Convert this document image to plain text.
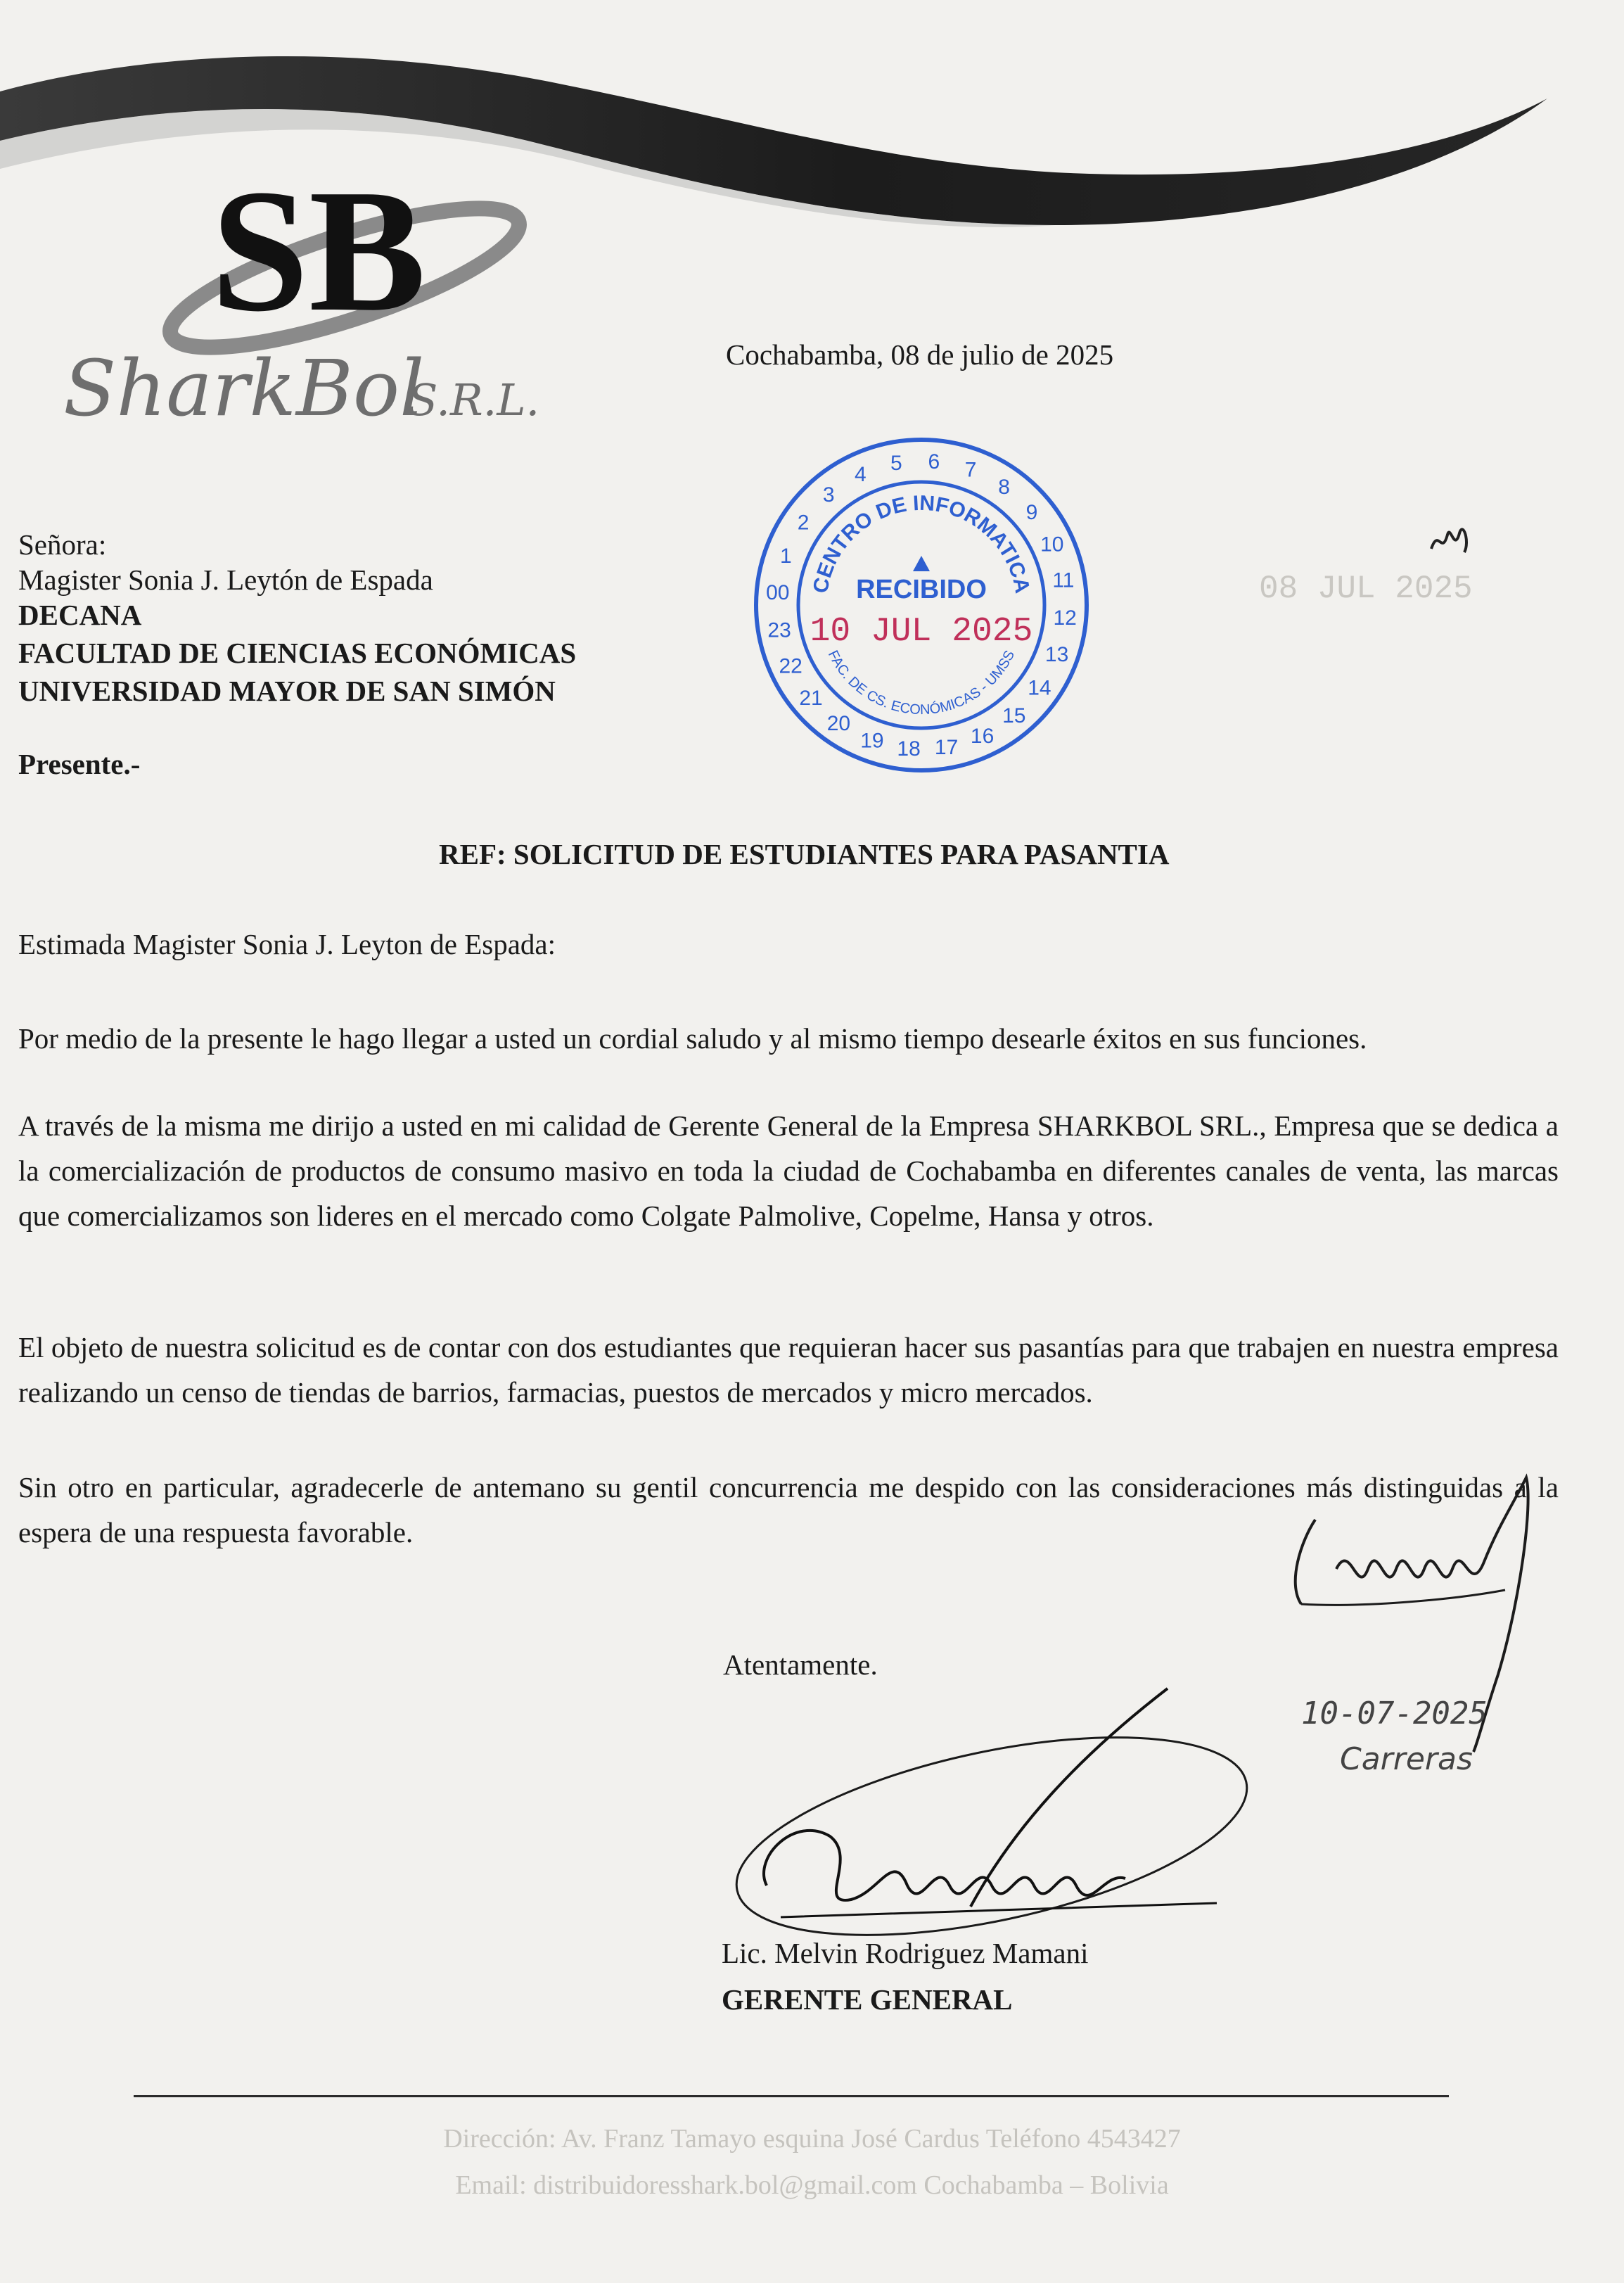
SB
SharkBol
S.R.L.
Cochabamba, 08 de julio de 2025
1
2
3
4 5 6 7
8
9
10
11
12
13
14
15
16
17
18
19
20
21
22
23
00 CENTRO DE INFORMATICA
RECIBIDO
10 JUL 2025
FAC. DE CS. ECONÓMICAS - UMSS
08 JUL 2025
Señora:
Magister Sonia J. Leytón de Espada
DECANA
FACULTAD DE CIENCIAS ECONÓMICAS
UNIVERSIDAD MAYOR DE SAN SIMÓN
Presente.-
REF: SOLICITUD DE ESTUDIANTES PARA PASANTIA
Estimada Magister Sonia J. Leyton de Espada:
Por medio de la presente le hago llegar a usted un cordial saludo y al mismo tiempo desearle éxitos en sus funciones.
A través de la misma me dirijo a usted en mi calidad de Gerente General de la Empresa SHARKBOL SRL., Empresa que se dedica a la comercialización de productos de consumo masivo en toda la ciudad de Cochabamba en diferentes canales de venta, las marcas que comercializamos son lideres en el mercado como Colgate Palmolive, Copelme, Hansa y otros.
El objeto de nuestra solicitud es de contar con dos estudiantes que requieran hacer sus pasantías para que trabajen en nuestra empresa realizando un censo de tiendas de barrios, farmacias, puestos de mercados y micro mercados.
Sin otro en particular, agradecerle de antemano su gentil concurrencia me despido con las consideraciones más distinguidas a la espera de una respuesta favorable.
10-07-2025
Carreras
Atentamente.
Lic. Melvin Rodriguez Mamani
GERENTE GENERAL
Dirección: Av. Franz Tamayo esquina José Cardus Teléfono 4543427
Email: distribuidoresshark.bol@gmail.com Cochabamba – Bolivia
